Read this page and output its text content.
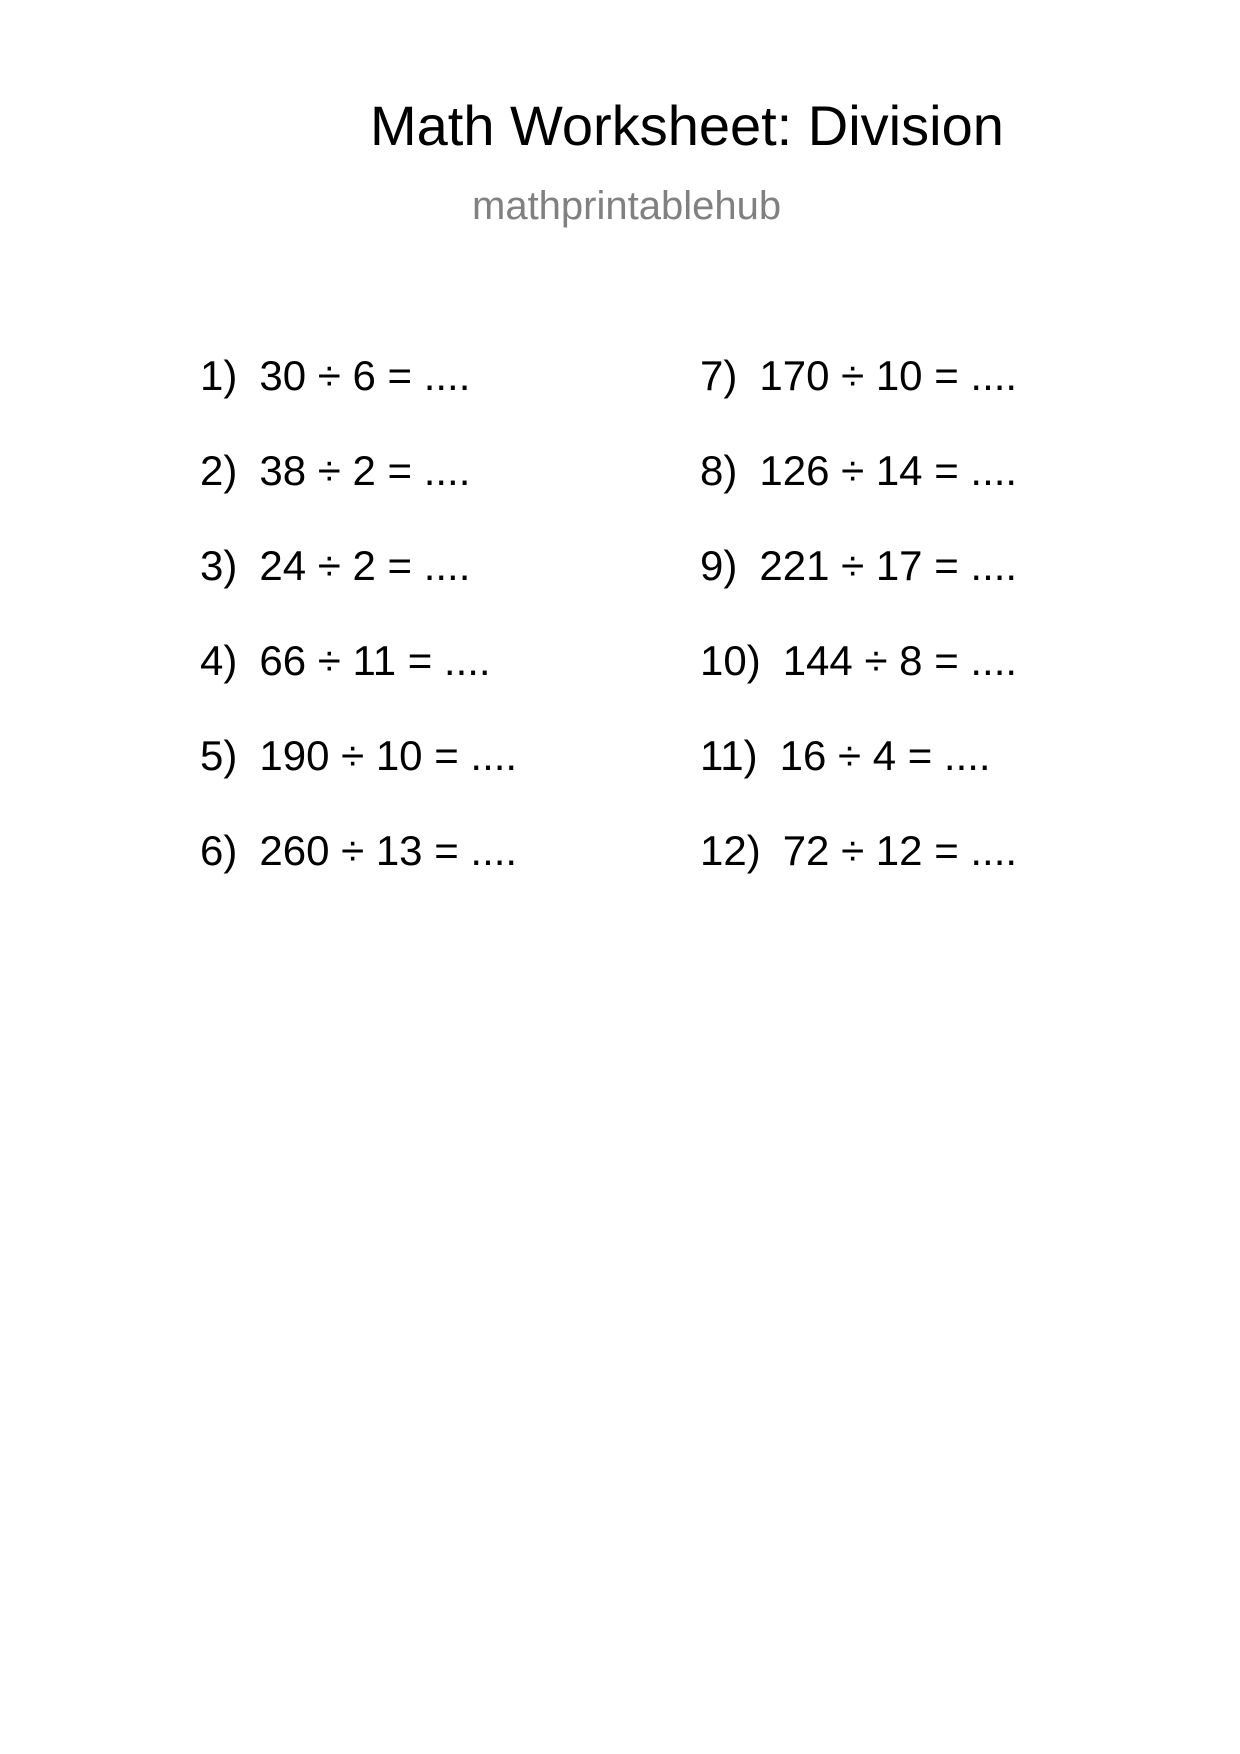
Math Worksheet: Division
mathprintablehub
1) 30 ÷ 6 = ....
2) 38 ÷ 2 = ....
3) 24 ÷ 2 = ....
4) 66 ÷ 11 = ....
5) 190 ÷ 10 = ....
6) 260 ÷ 13 = ....
7) 170 ÷ 10 = ....
8) 126 ÷ 14 = ....
9) 221 ÷ 17 = ....
10) 144 ÷ 8 = ....
11) 16 ÷ 4 = ....
12) 72 ÷ 12 = ....
